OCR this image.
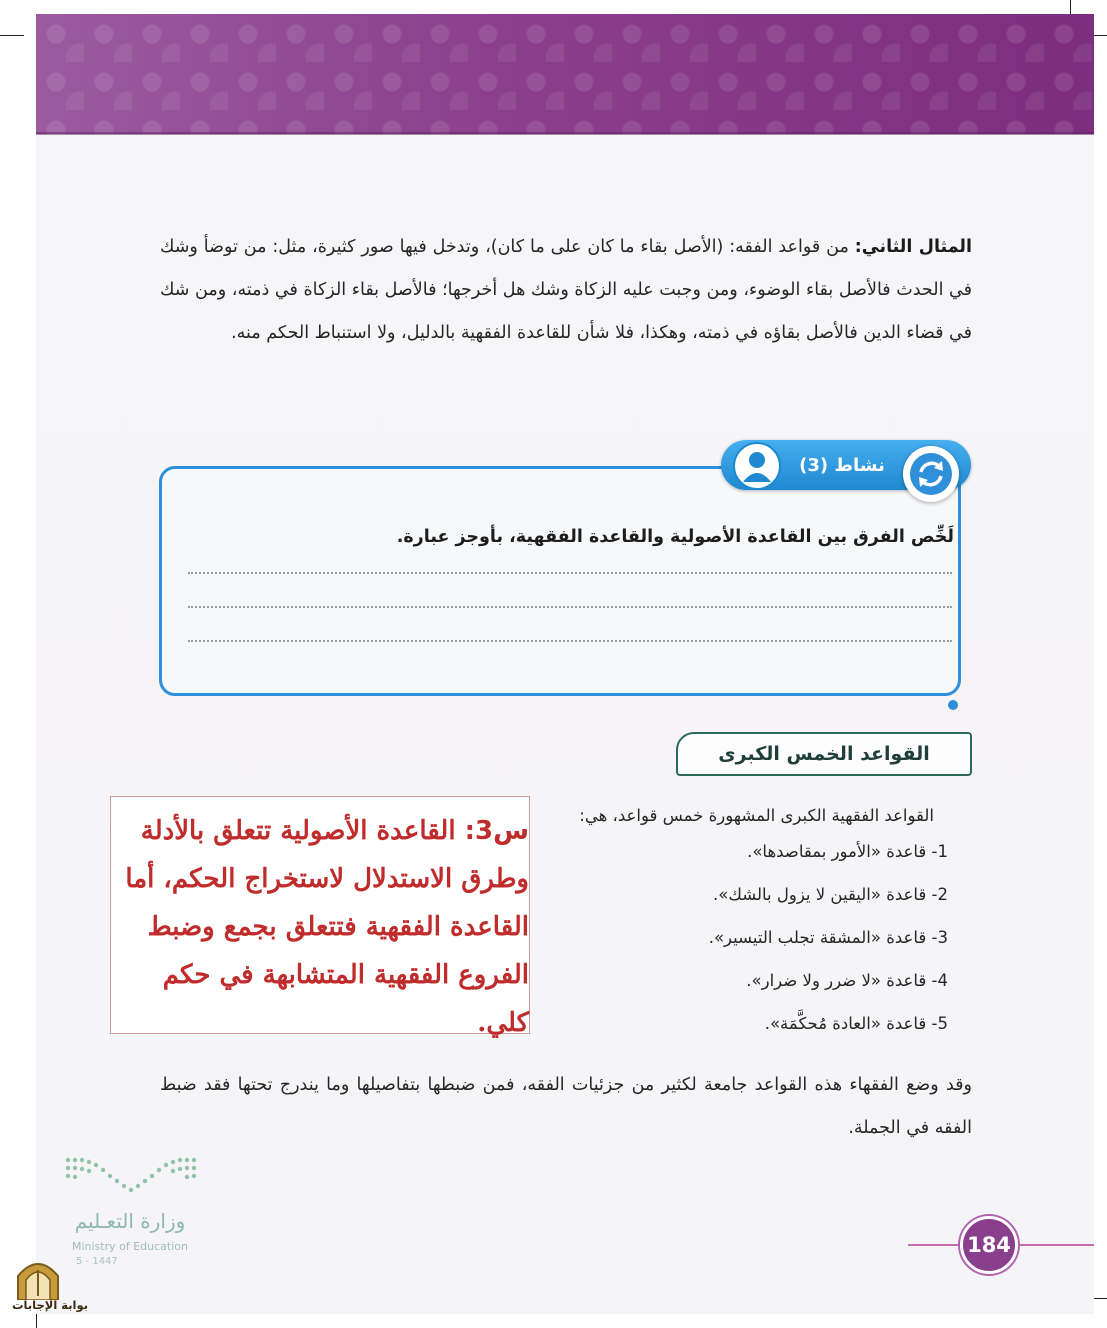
المثال الثاني: من قواعد الفقه: (الأصل بقاء ما كان على ما كان)، وتدخل فيها صور كثيرة، مثل: من توضأ وشك في الحدث فالأصل بقاء الوضوء، ومن وجبت عليه الزكاة وشك هل أخرجها؛ فالأصل بقاء الزكاة في ذمته، ومن شك في قضاء الدين فالأصل بقاؤه في ذمته، وهكذا، فلا شأن للقاعدة الفقهية بالدليل، ولا استنباط الحكم منه.
نشاط (3)
لَخِّص الفرق بين القاعدة الأصولية والقاعدة الفقهية، بأوجز عبارة.
القواعد الخمس الكبرى
القواعد الفقهية الكبرى المشهورة خمس قواعد، هي:
1- قاعدة «الأمور بمقاصدها».
2- قاعدة «اليقين لا يزول بالشك».
3- قاعدة «المشقة تجلب التيسير».
4- قاعدة «لا ضرر ولا ضرار».
5- قاعدة «العادة مُحكَّمَة».
س3: القاعدة الأصولية تتعلق بالأدلة وطرق الاستدلال لاستخراج الحكم، أما القاعدة الفقهية فتتعلق بجمع وضبط الفروع الفقهية المتشابهة في حكم كلي.
وقد وضع الفقهاء هذه القواعد جامعة لكثير من جزئيات الفقه، فمن ضبطها بتفاصيلها وما يندرج تحتها فقد ضبط الفقه في الجملة.
وزارة التعـليم
Ministry of Education
5 - 1447
184
بوابة الإجابات
